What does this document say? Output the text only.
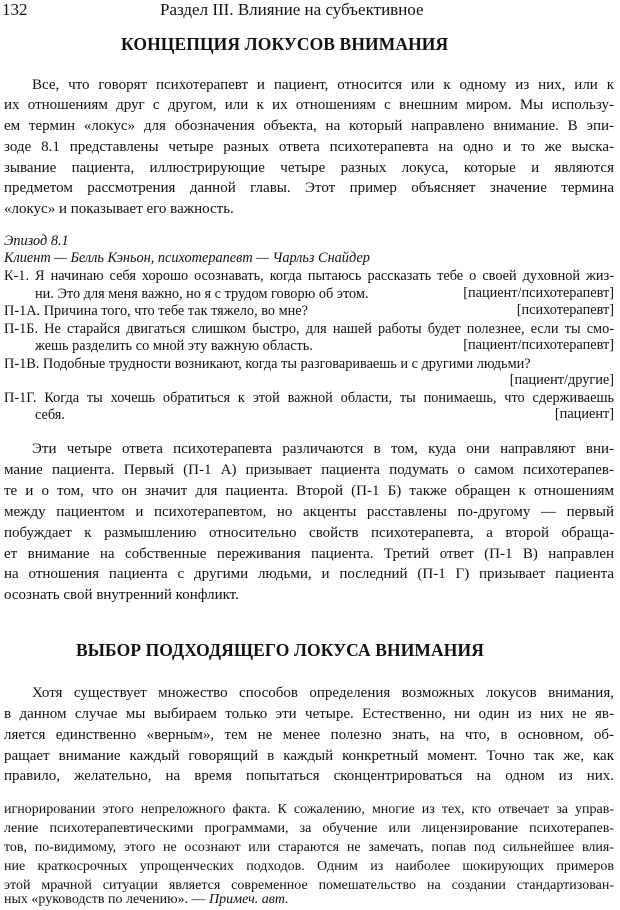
132	Раздел III. Влияние на субъективное
КОНЦЕПЦИЯ ЛОКУСОВ ВНИМАНИЯ
Все, что говорят психотерапевт и пациент, относится или к одному из них, или к
их отношениям друг с другом, или к их отношениям с внешним миром. Мы использу-
ем термин «локус» для обозначения объекта, на который направлено внимание. В эпи-
зоде 8.1 представлены четыре разных ответа психотерапевта на одно и то же выска-
зывание пациента, иллюстрирующие четыре разных локуса, которые и являются
предметом рассмотрения данной главы. Этот пример объясняет значение термина
«локус» и показывает его важность.
Эпизод 8.1
Клиент — Белль Кэньон, психотерапевт — Чарльз Снайдер
К-1. Я начинаю себя хорошо осознавать, когда пытаюсь рассказать тебе о своей духовной жиз-
ни. Это для меня важно, но я с трудом говорю об этом.	[пациент/психотерапевт]
П-1А. Причина того, что тебе так тяжело, во мне?	[психотерапевт]
П-1Б. Не старайся двигаться слишком быстро, для нашей работы будет полезнее, если ты смо-
жешь разделить со мной эту важную область.	[пациент/психотерапевт]
П-1В. Подобные трудности возникают, когда ты разговариваешь и с другими людьми?
[пациент/другие]
П-1Г. Когда ты хочешь обратиться к этой важной области, ты понимаешь, что сдерживаешь
себя.	[пациент]
Эти четыре ответа психотерапевта различаются в том, куда они направляют вни-
мание пациента. Первый (П-1 А) призывает пациента подумать о самом психотерапев-
те и о том, что он значит для пациента. Второй (П-1 Б) также обращен к отношениям
между пациентом и психотерапевтом, но акценты расставлены по-другому — первый
побуждает к размышлению относительно свойств психотерапевта, а второй обраща-
ет внимание на собственные переживания пациента. Третий ответ (П-1 В) направлен
на отношения пациента с другими людьми, и последний (П-1 Г) призывает пациента
осознать свой внутренний конфликт.
ВЫБОР ПОДХОДЯЩЕГО ЛОКУСА ВНИМАНИЯ
Хотя существует множество способов определения возможных локусов внимания,
в данном случае мы выбираем только эти четыре. Естественно, ни один из них не яв-
ляется единственно «верным», тем не менее полезно знать, на что, в основном, об-
ращает внимание каждый говорящий в каждый конкретный момент. Точно так же, как
правило, желательно, на время попытаться сконцентрироваться на одном из них.
игнорировании этого непреложного факта. К сожалению, многие из тех, кто отвечает за управ-
ление психотерапевтическими программами, за обучение или лицензирование психотерапев-
тов, по-видимому, этого не осознают или стараются не замечать, попав под сильнейшее влия-
ние краткосрочных упрощенческих подходов. Одним из наиболее шокирующих примеров
этой мрачной ситуации является современное помешательство на создании стандартизован-
ных «руководств по лечению». — Примеч. авт.
